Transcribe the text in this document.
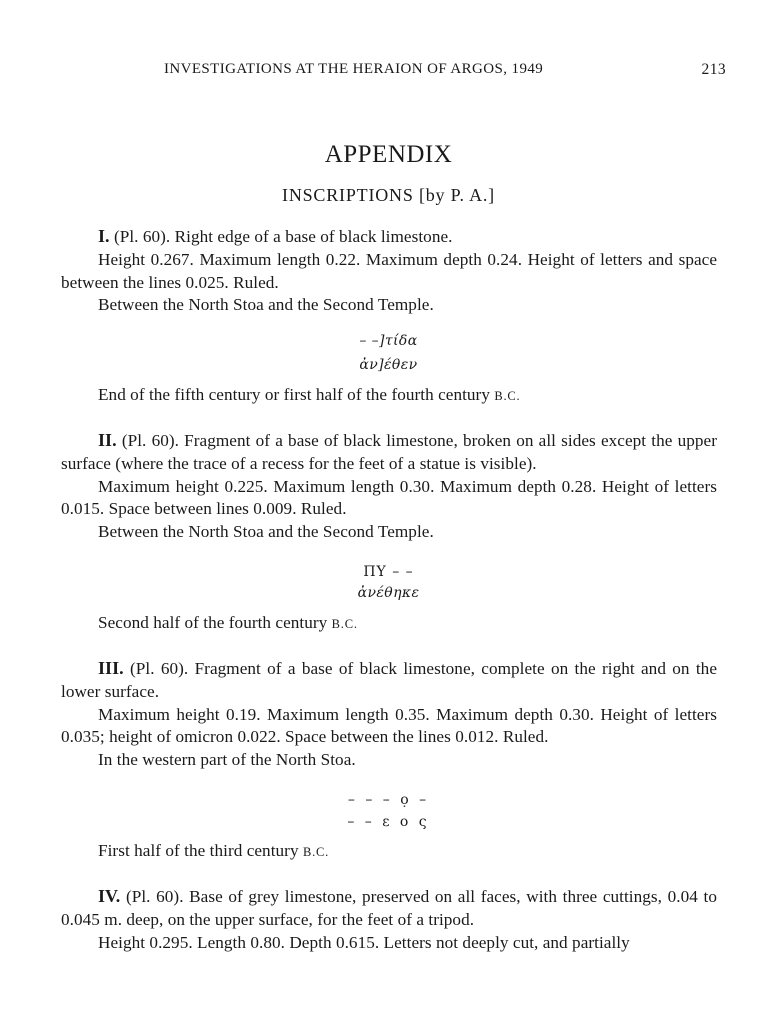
INVESTIGATIONS AT THE HERAION OF ARGOS, 1949	213
APPENDIX
INSCRIPTIONS [by P. A.]

I. (Pl. 60). Right edge of a base of black limestone.

Height 0.267. Maximum length 0.22. Maximum depth 0.24. Height of letters and space between the lines 0.025. Ruled.

Between the North Stoa and the Second Temple.

– –]τίδα
ἀν]έθεν

End of the fifth century or first half of the fourth century B.C.

II. (Pl. 60). Fragment of a base of black limestone, broken on all sides except the upper surface (where the trace of a recess for the feet of a statue is visible).

Maximum height 0.225. Maximum length 0.30. Maximum depth 0.28. Height of letters 0.015. Space between lines 0.009. Ruled.

Between the North Stoa and the Second Temple.

ΠΥ – –
ἀνέθηκε

Second half of the fourth century B.C.

III. (Pl. 60). Fragment of a base of black limestone, complete on the right and on the lower surface.

Maximum height 0.19. Maximum length 0.35. Maximum depth 0.30. Height of letters 0.035; height of omicron 0.022. Space between the lines 0.012. Ruled.

In the western part of the North Stoa.

– – – ọ –
– – ε ο ς

First half of the third century B.C.

IV. (Pl. 60). Base of grey limestone, preserved on all faces, with three cuttings, 0.04 to 0.045 m. deep, on the upper surface, for the feet of a tripod.

Height 0.295. Length 0.80. Depth 0.615. Letters not deeply cut, and partially
